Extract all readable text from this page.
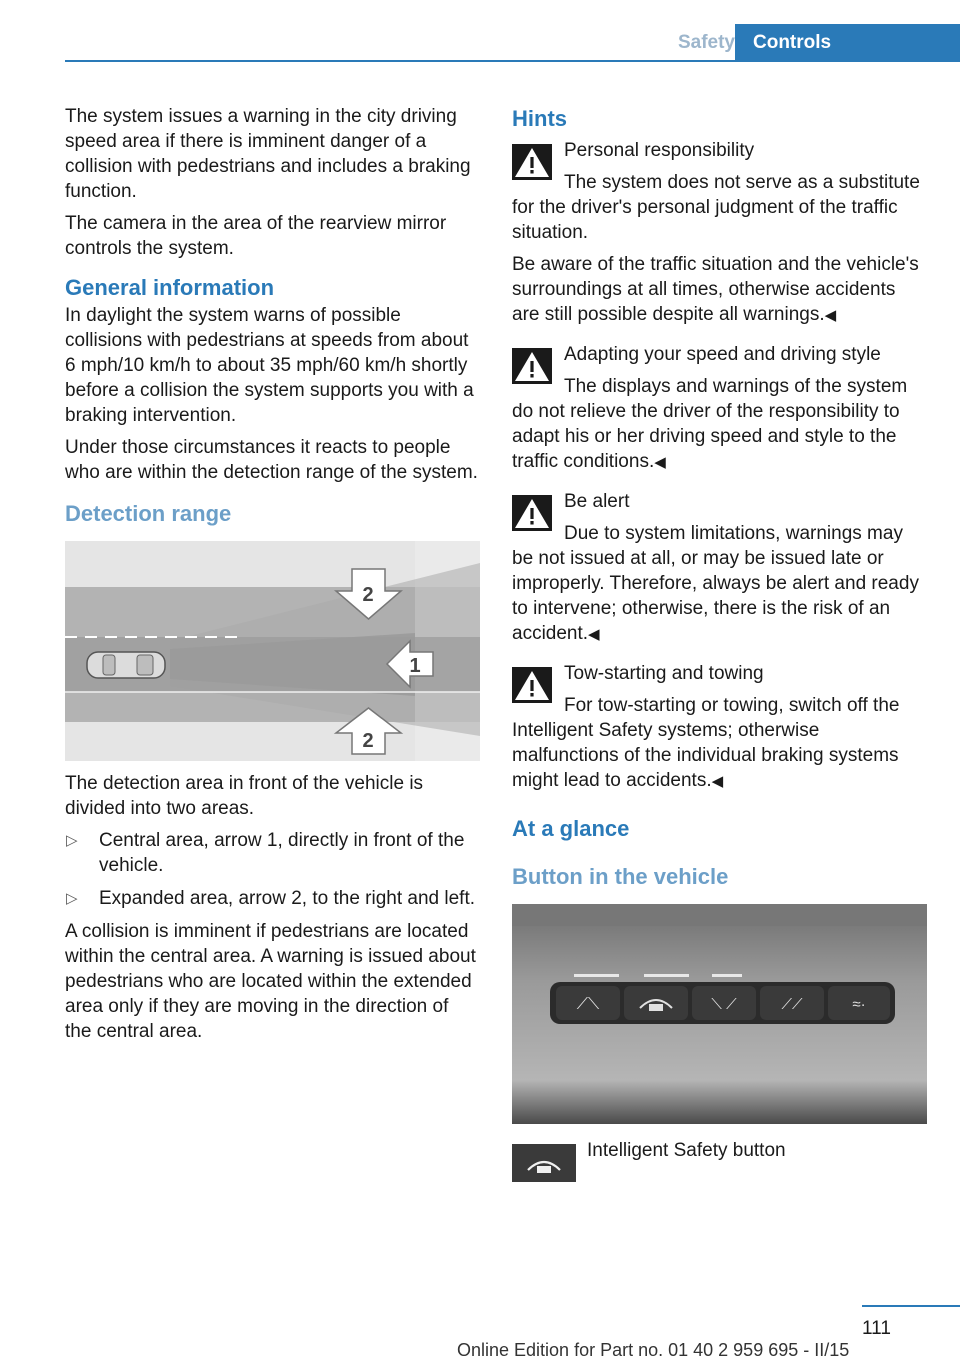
Safety Controls

The system issues a warning in the city driving speed area if there is imminent danger of a collision with pedestrians and includes a braking function.

The camera in the area of the rearview mirror controls the system.

General information

In daylight the system warns of possible collisions with pedestrians at speeds from about 6 mph/10 km/h to about 35 mph/60 km/h shortly before a collision the system supports you with a braking intervention.

Under those circumstances it reacts to people who are within the detection range of the system.

Detection range
2
1
2

The detection area in front of the vehicle is divided into two areas.

▷ Central area, arrow 1, directly in front of the vehicle.
▷ Expanded area, arrow 2, to the right and left.

A collision is imminent if pedestrians are located within the central area. A warning is issued about pedestrians who are located within the extended area only if they are moving in the direction of the central area.

Hints

Personal responsibility

The system does not serve as a substitute for the driver's personal judgment of the traffic situation.

Be aware of the traffic situation and the vehicle's surroundings at all times, otherwise accidents are still possible despite all warnings.◀

Adapting your speed and driving style

The displays and warnings of the system do not relieve the driver of the responsibility to adapt his or her driving speed and style to the traffic conditions.◀

Be alert

Due to system limitations, warnings may be not issued at all, or may be issued late or improperly. Therefore, always be alert and ready to intervene; otherwise, there is the risk of an accident.◀

Tow-starting and towing

For tow-starting or towing, switch off the Intelligent Safety systems; otherwise malfunctions of the individual braking systems might lead to accidents.◀

At a glance
Button in the vehicle
⟋⟍	⟍ ⟋	⟋⟋	≈·
Intelligent Safety button
111
Online Edition for Part no. 01 40 2 959 695 - II/15
